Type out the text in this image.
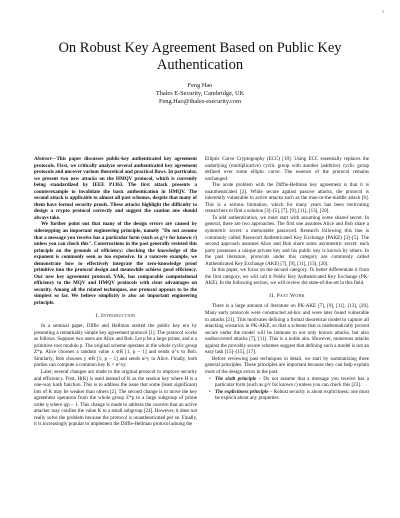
1
On Robust Key Agreement Based on Public Key Authentication
Feng Hao
Thales E-Security, Cambridge, UK
Feng.Hao@thales-esecurity.com

Abstract—This paper discusses public-key authenticated key agreement protocols. First, we critically analyze several authenticated key agreement protocols and uncover various theoretical and practical flaws. In particular, we present two new attacks on the HMQV protocol, which is currently being standardized by IEEE P1363. The first attack presents a counterexample to invalidate the basic authentication in HMQV. The second attack is applicable to almost all past schemes, despite that many of them have formal security proofs. These attacks highlight the difficulty to design a crypto protocol correctly and suggest the caution one should always take.

We further point out that many of the design errors are caused by sidestepping an important engineering principle, namely "Do not assume that a message you receive has a particular form (such as g^r for known r) unless you can check this". Constructions in the past generally resisted this principle on the grounds of efficiency: checking the knowledge of the exponent is commonly seen as too expensive. In a concrete example, we demonstrate how to effectively integrate the zero-knowledge proof primitive into the protocol design and meanwhile achieve good efficiency. Our new key agreement protocol, YAK, has comparable computational efficiency to the MQV and HMQV protocols with clear advantages on security. Among all the related techniques, our protocol appears to be the simplest so far. We believe simplicity is also an important engineering principle.

I. Introduction

In a seminal paper, Diffie and Hellman started the public key era by presenting a remarkably simple key agreement protocol [1]. The protocol works as follows. Suppose two users are Alice and Bob. Let p be a large prime, and α a primitive root modulo p. The original scheme operates in the whole cyclic group Z*p. Alice chooses a random value x ∈R [1, p − 1] and sends α^x to Bob. Similarly, Bob chooses y ∈R [1, p − 1] and sends α^y to Alice. Finally, both parties can compute a common key K = α^xy.

Later, several changes are made to the original protocol to improve security and efficiency. First, H(K) is used instead of K as the session key where H is a one-way hash function. This is to address the issue that some (least significant) bits of K may be weaker than others [2]. The second change is to move the key agreement operation from the whole group Z*p to a large subgroup of prime order q where q|p − 1. This change is made to address the concern that an active attacker may confine the value K to a small subgroup [24]. However, it does not really solve the problem because the protocol is unauthenticated per se. Finally, it is increasingly popular to implement the Diffie-Hellman protocol among the

Elliptic Curve Cryptography (ECC) [10]. Using ECC essentially replaces the underlying (multiplicative) cyclic group with another (additive) cyclic group defined over some elliptic curve. The essence of the protocol remains unchanged.

The acute problem with the Diffie-Hellman key agreement is that it is unauthenticated [2]. While secure against passive attacks, the protocol is inherently vulnerable to active attacks such as the man-in-the-middle attack [6]. This is a serious limitation, which for many years has been motivating researchers to find a solution [3]–[5], [7], [9], [11], [13], [20].

To add authentication, we must start with assuming some shared secret. In general, there are two approaches. The first one assumes Alice and Bob share a symmetric secret: a memorable password. Research following this line is commonly called Password Authenticated Key Exchange (PAKE) [3]–[5]. The second approach assumes Alice and Bob share some asymmetric secret: each party possesses a unique private key and his public key is known by others. In the past literature, protocols under this category are commonly called Authenticated Key Exchange (AKE) [7], [9], [11], [13], [20].

In this paper, we focus on the second category. To better differentiate it from the first category, we will call it Public Key Authenticated Key Exchange (PK-AKE). In the following section, we will review the state-of-the-art in this field.

II. Past Work

There is a large amount of literature on PK-AKE [7], [9], [11], [13], [20]. Many early protocols were constructed ad-hoc and were later found vulnerable to attacks [21]. This motivates defining a formal theoretical model to capture all attacking scenarios in PK-AKE, so that a scheme that is mathematically proved secure under the model will be immune to not only known attacks, but also undiscovered attacks [7], [11]. This is a noble aim. However, numerous attacks against the provably secure schemes suggest that defining such a model is not an easy task [15]–[15], [17].

Before reviewing past techniques in detail, we start by summarizing three general principles. These principles are important because they can help explain most of the design errors in the past.

• The sixth principle – Do not assume that a message you receive has a particular form (such as g^r for known r) unless you can check this [23].
• The explicitness principle – Robust security is about explicitness; one must be explicit about any properties
